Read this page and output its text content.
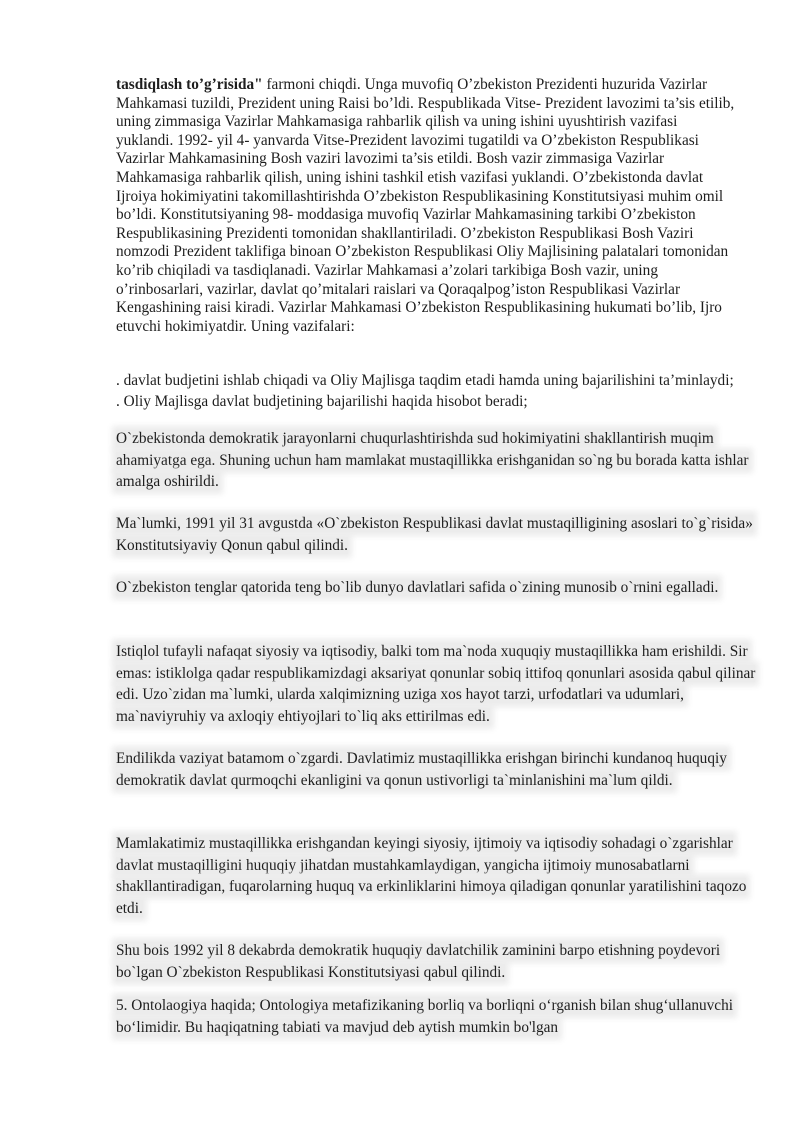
tasdiqlash to’g’risida" farmoni chiqdi. Unga muvofiq O’zbekiston Prezidenti huzurida Vazirlar Mahkamasi tuzildi, Prezident uning Raisi bo’ldi. Respublikada Vitse- Prezident lavozimi ta’sis etilib, uning zimmasiga Vazirlar Mahkamasiga rahbarlik qilish va uning ishini uyushtirish vazifasi yuklandi. 1992- yil 4- yanvarda Vitse-Prezident lavozimi tugatildi va O’zbekiston Respublikasi Vazirlar Mahkamasining Bosh vaziri lavozimi ta’sis etildi. Bosh vazir zimmasiga Vazirlar Mahkamasiga rahbarlik qilish, uning ishini tashkil etish vazifasi yuklandi. O’zbekistonda davlat Ijroiya hokimiyatini takomillashtirishda O’zbekiston Respublikasining Konstitutsiyasi muhim omil bo’ldi. Konstitutsiyaning 98- moddasiga muvofiq Vazirlar Mahkamasining tarkibi O’zbekiston Respublikasining Prezidenti tomonidan shakllantiriladi. O’zbekiston Respublikasi Bosh Vaziri nomzodi Prezident taklifiga binoan O’zbekiston Respublikasi Oliy Majlisining palatalari tomonidan ko’rib chiqiladi va tasdiqlanadi. Vazirlar Mahkamasi a’zolari tarkibiga Bosh vazir, uning o’rinbosarlari, vazirlar, davlat qo’mitalari raislari va Qoraqalpog’iston Respublikasi Vazirlar Kengashining raisi kiradi. Vazirlar Mahkamasi O’zbekiston Respublikasining hukumati bo’lib, Ijro etuvchi hokimiyatdir. Uning vazifalari:

. davlat budjetini ishlab chiqadi va Oliy Majlisga taqdim etadi hamda uning bajarilishini ta’minlaydi; . Oliy Majlisga davlat budjetining bajarilishi haqida hisobot beradi;

O`zbekistonda demokratik jarayonlarni chuqurlashtirishda sud hokimiyatini shakllantirish muqim ahamiyatga ega. Shuning uchun ham mamlakat mustaqillikka erishganidan so`ng bu borada katta ishlar amalga oshirildi.

Ma`lumki, 1991 yil 31 avgustda «O`zbekiston Respublikasi davlat mustaqilligining asoslari to`g`risida» Konstitutsiyaviy Qonun qabul qilindi.

O`zbekiston tenglar qatorida teng bo`lib dunyo davlatlari safida o`zining munosib o`rnini egalladi.

Istiqlol tufayli nafaqat siyosiy va iqtisodiy, balki tom ma`noda xuquqiy mustaqillikka ham erishildi. Sir emas: istiklolga qadar respublikamizdagi aksariyat qonunlar sobiq ittifoq qonunlari asosida qabul qilinar edi. Uzo`zidan ma`lumki, ularda xalqimizning uziga xos hayot tarzi, urfodatlari va udumlari, ma`naviyruhiy va axloqiy ehtiyojlari to`liq aks ettirilmas edi.

Endilikda vaziyat batamom o`zgardi. Davlatimiz mustaqillikka erishgan birinchi kundanoq huquqiy demokratik davlat qurmoqchi ekanligini va qonun ustivorligi ta`minlanishini ma`lum qildi.

Mamlakatimiz mustaqillikka erishgandan keyingi siyosiy, ijtimoiy va iqtisodiy sohadagi o`zgarishlar davlat mustaqilligini huquqiy jihatdan mustahkamlaydigan, yangicha ijtimoiy munosabatlarni shakllantiradigan, fuqarolarning huquq va erkinliklarini himoya qiladigan qonunlar yaratilishini taqozo etdi.

Shu bois 1992 yil 8 dekabrda demokratik huquqiy davlatchilik zaminini barpo etishning poydevori bo`lgan O`zbekiston Respublikasi Konstitutsiyasi qabul qilindi.

5. Ontolaogiya haqida; Ontologiya metafizikaning borliq va borliqni oʻrganish bilan shugʻullanuvchi boʻlimidir. Bu haqiqatning tabiati va mavjud deb aytish mumkin bo'lgan
